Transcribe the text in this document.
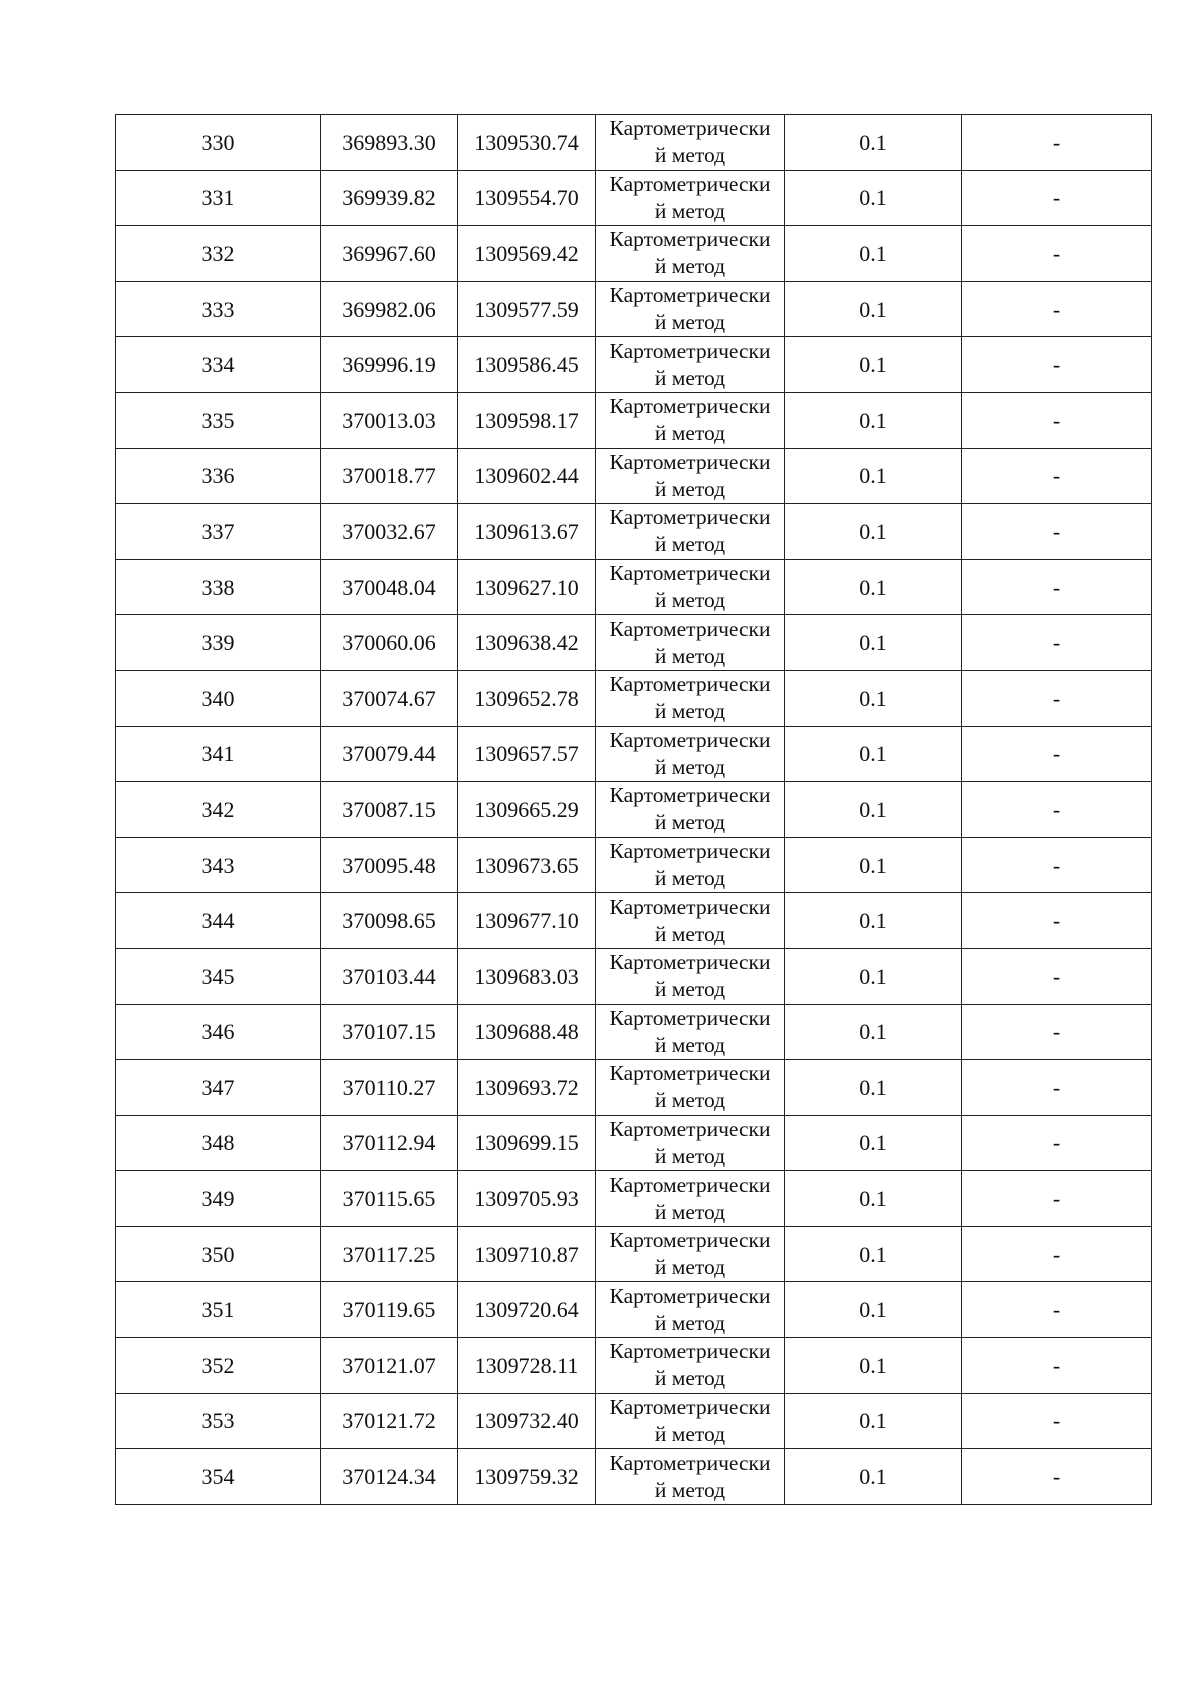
330	369893.30	1309530.74	Картометрически
й метод	0.1	-
331	369939.82	1309554.70	Картометрически
й метод	0.1	-
332	369967.60	1309569.42	Картометрически
й метод	0.1	-
333	369982.06	1309577.59	Картометрически
й метод	0.1	-
334	369996.19	1309586.45	Картометрически
й метод	0.1	-
335	370013.03	1309598.17	Картометрически
й метод	0.1	-
336	370018.77	1309602.44	Картометрически
й метод	0.1	-
337	370032.67	1309613.67	Картометрически
й метод	0.1	-
338	370048.04	1309627.10	Картометрически
й метод	0.1	-
339	370060.06	1309638.42	Картометрически
й метод	0.1	-
340	370074.67	1309652.78	Картометрически
й метод	0.1	-
341	370079.44	1309657.57	Картометрически
й метод	0.1	-
342	370087.15	1309665.29	Картометрически
й метод	0.1	-
343	370095.48	1309673.65	Картометрически
й метод	0.1	-
344	370098.65	1309677.10	Картометрически
й метод	0.1	-
345	370103.44	1309683.03	Картометрически
й метод	0.1	-
346	370107.15	1309688.48	Картометрически
й метод	0.1	-
347	370110.27	1309693.72	Картометрически
й метод	0.1	-
348	370112.94	1309699.15	Картометрически
й метод	0.1	-
349	370115.65	1309705.93	Картометрически
й метод	0.1	-
350	370117.25	1309710.87	Картометрически
й метод	0.1	-
351	370119.65	1309720.64	Картометрически
й метод	0.1	-
352	370121.07	1309728.11	Картометрически
й метод	0.1	-
353	370121.72	1309732.40	Картометрически
й метод	0.1	-
354	370124.34	1309759.32	Картометрически
й метод	0.1	-
